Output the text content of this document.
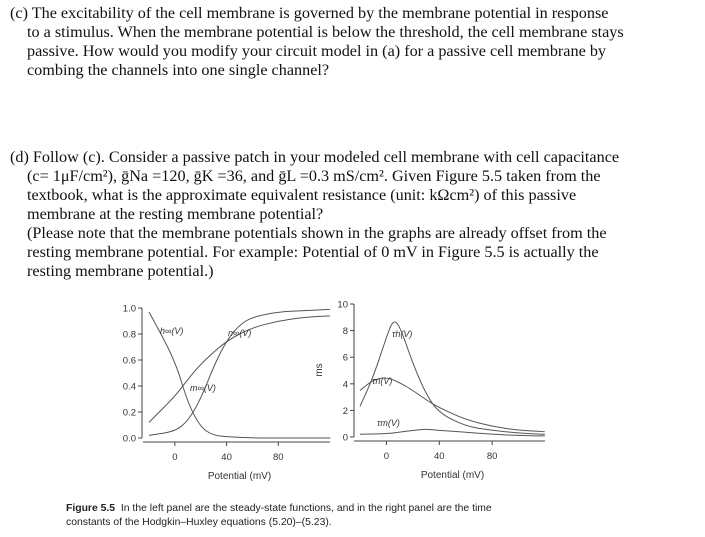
(c) The excitability of the cell membrane is governed by the membrane potential in response
to a stimulus. When the membrane potential is below the threshold, the cell membrane stays
passive. How would you modify your circuit model in (a) for a passive cell membrane by
combing the channels into one single channel?
(d) Follow (c). Consider a passive patch in your modeled cell membrane with cell capacitance
(c= 1μF/cm²), ḡNa =120, ḡK =36, and ḡL =0.3 mS/cm². Given Figure 5.5 taken from the
textbook, what is the approximate equivalent resistance (unit: kΩcm²) of this passive
membrane at the resting membrane potential?
(Please note that the membrane potentials shown in the graphs are already offset from the
resting membrane potential. For example: Potential of 0 mV in Figure 5.5 is actually the
resting membrane potential.)
0.0
0.2
0.4
0.6
0.8
1.0
0	40	80
Potential (mV)
h∞(V)	n∞(V)
m∞(V)
0
2
4
6
8
10
0	40	80
Potential (mV)
ms
τh(V)
τn(V)
τm(V)
Figure 5.5 In the left panel are the steady-state functions, and in the right panel are the time
constants of the Hodgkin–Huxley equations (5.20)–(5.23).
